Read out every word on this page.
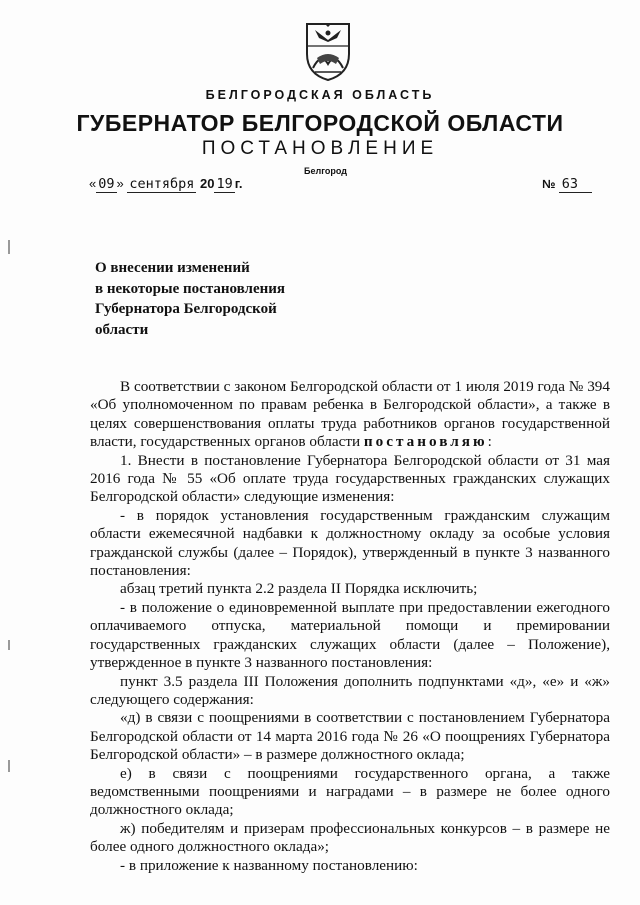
БЕЛГОРОДСКАЯ ОБЛАСТЬ
ГУБЕРНАТОР БЕЛГОРОДСКОЙ ОБЛАСТИ
ПОСТАНОВЛЕНИЕ
Белгород
« 09 » сентября 20 19 г.	№ 63
О внесении изменений
в некоторые постановления
Губернатора Белгородской
области

В соответствии с законом Белгородской области от 1 июля 2019 года № 394 «Об уполномоченном по правам ребенка в Белгородской области», а также в целях совершенствования оплаты труда работников органов государственной власти, государственных органов области постановляю:

1. Внести в постановление Губернатора Белгородской области от 31 мая 2016 года № 55 «Об оплате труда государственных гражданских служащих Белгородской области» следующие изменения:

- в порядок установления государственным гражданским служащим области ежемесячной надбавки к должностному окладу за особые условия гражданской службы (далее – Порядок), утвержденный в пункте 3 названного постановления:

абзац третий пункта 2.2 раздела II Порядка исключить;

- в положение о единовременной выплате при предоставлении ежегодного оплачиваемого отпуска, материальной помощи и премировании государственных гражданских служащих области (далее – Положение), утвержденное в пункте 3 названного постановления:

пункт 3.5 раздела III Положения дополнить подпунктами «д», «е» и «ж» следующего содержания:

«д) в связи с поощрениями в соответствии с постановлением Губернатора Белгородской области от 14 марта 2016 года № 26 «О поощрениях Губернатора Белгородской области» – в размере должностного оклада;

е) в связи с поощрениями государственного органа, а также ведомственными поощрениями и наградами – в размере не более одного должностного оклада;

ж) победителям и призерам профессиональных конкурсов – в размере не более одного должностного оклада»;

- в приложение к названному постановлению:
